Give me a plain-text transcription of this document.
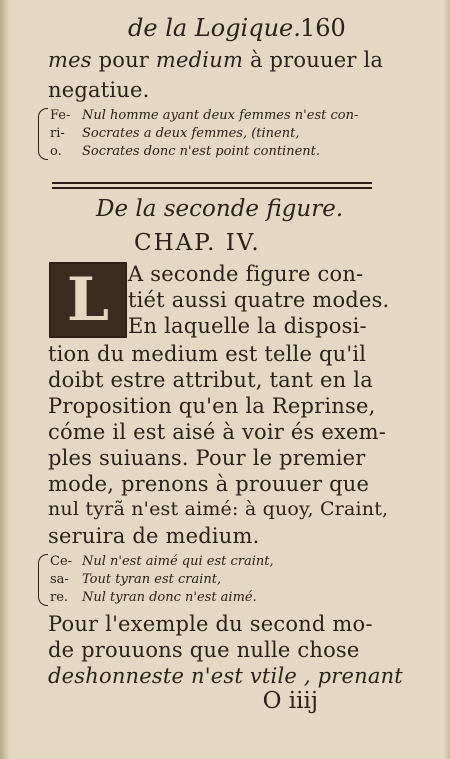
de la Logique. 160
mes pour medium à prouuer la
negatiue.
Fe-
ri-
o.
Nul homme ayant deux femmes n'est con-
Socrates a deux femmes, (tinent,
Socrates donc n'est point continent.
De la seconde figure.
CHAP. IV.
L A seconde figure con-
tiét aussi quatre modes.
En laquelle la disposi-
tion du medium est telle qu'il
doibt estre attribut, tant en la
Proposition qu'en la Reprinse,
cóme il est aisé à voir és exem-
ples suiuans. Pour le premier
mode, prenons à prouuer que
nul tyrã n'est aimé: à quoy, Craint,
seruira de medium.
Ce-
sa-
re.
Nul n'est aimé qui est craint,
Tout tyran est craint,
Nul tyran donc n'est aimé.
Pour l'exemple du second mo-
de prouuons que nulle chose
deshonneste n'est vtile , prenant
O iiij
